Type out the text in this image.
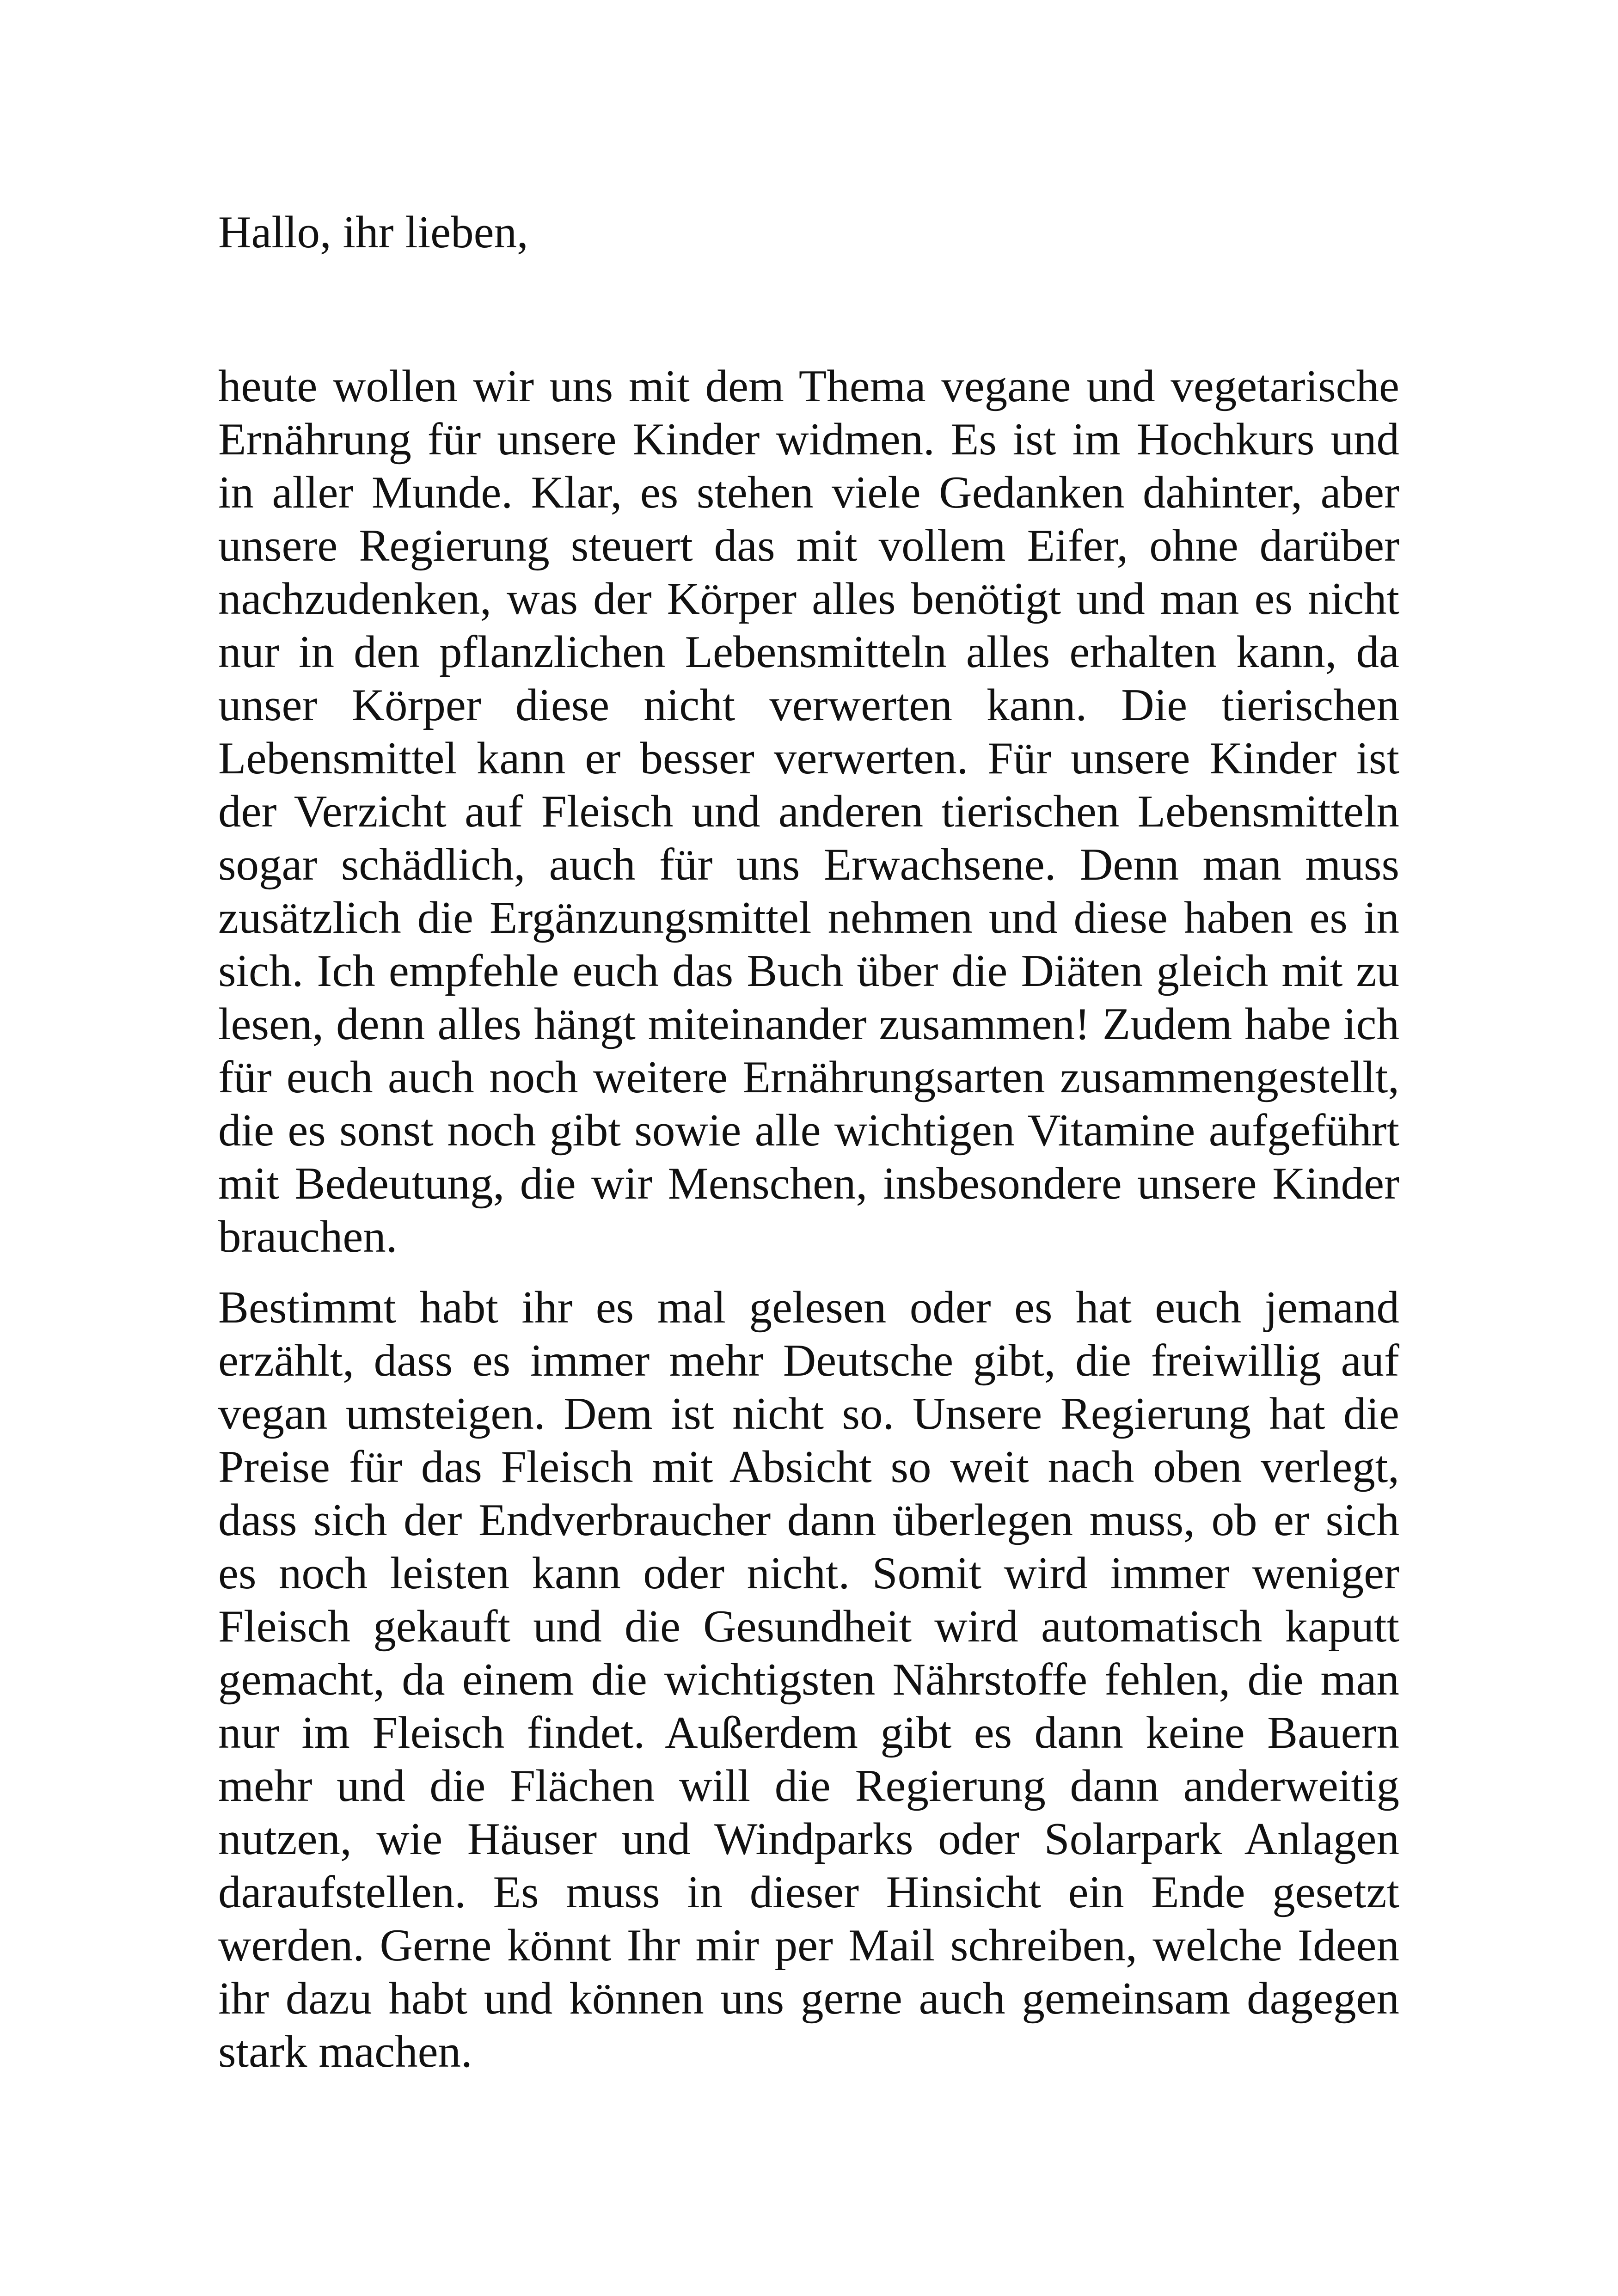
Hallo, ihr lieben,

heute wollen wir uns mit dem Thema vegane und vegetarische Ernährung für unsere Kinder widmen. Es ist im Hochkurs und in aller Munde. Klar, es stehen viele Gedanken dahinter, aber unsere Regierung steuert das mit vollem Eifer, ohne darüber nachzudenken, was der Körper alles benötigt und man es nicht nur in den pflanzlichen Lebensmitteln alles erhalten kann, da unser Körper diese nicht verwerten kann. Die tierischen Lebensmittel kann er besser verwerten. Für unsere Kinder ist der Verzicht auf Fleisch und anderen tierischen Lebensmitteln sogar schädlich, auch für uns Erwachsene. Denn man muss zusätzlich die Ergänzungsmittel nehmen und diese haben es in sich. Ich empfehle euch das Buch über die Diäten gleich mit zu lesen, denn alles hängt miteinander zusammen! Zudem habe ich für euch auch noch weitere Ernährungsarten zusammengestellt, die es sonst noch gibt sowie alle wichtigen Vitamine aufgeführt mit Bedeutung, die wir Menschen, insbesondere unsere Kinder brauchen.

Bestimmt habt ihr es mal gelesen oder es hat euch jemand erzählt, dass es immer mehr Deutsche gibt, die freiwillig auf vegan umsteigen. Dem ist nicht so. Unsere Regierung hat die Preise für das Fleisch mit Absicht so weit nach oben verlegt, dass sich der Endverbraucher dann überlegen muss, ob er sich es noch leisten kann oder nicht. Somit wird immer weniger Fleisch gekauft und die Gesundheit wird automatisch kaputt gemacht, da einem die wichtigsten Nährstoffe fehlen, die man nur im Fleisch findet. Außerdem gibt es dann keine Bauern mehr und die Flächen will die Regierung dann anderweitig nutzen, wie Häuser und Windparks oder Solarpark Anlagen daraufstellen. Es muss in dieser Hinsicht ein Ende gesetzt werden. Gerne könnt Ihr mir per Mail schreiben, welche Ideen ihr dazu habt und können uns gerne auch gemeinsam dagegen stark machen.
